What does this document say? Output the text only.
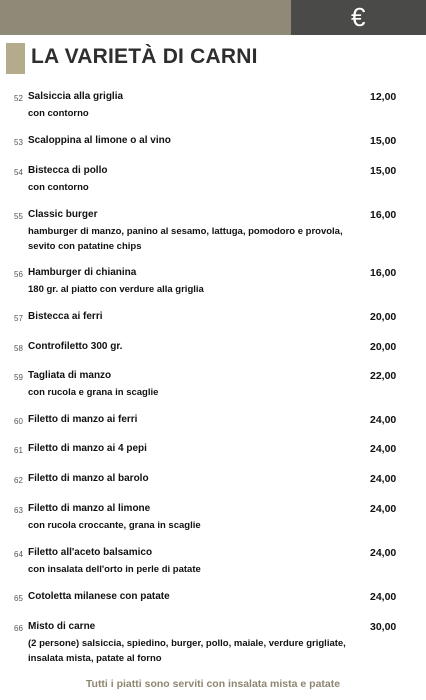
€
LA VARIETÀ DI CARNI
52 Salsiccia alla griglia	12,00
con contorno
53 Scaloppina al limone o al vino	15,00
54 Bistecca di pollo	15,00
con contorno
55 Classic burger	16,00
hamburger di manzo, panino al sesamo, lattuga, pomodoro e provola, sevito con patatine chips
56 Hamburger di chianina	16,00
180 gr. al piatto con verdure alla griglia
57 Bistecca ai ferri	20,00
58 Controfiletto 300 gr.	20,00
59 Tagliata di manzo	22,00
con rucola e grana in scaglie
60 Filetto di manzo ai ferri	24,00
61 Filetto di manzo ai 4 pepi	24,00
62 Filetto di manzo al barolo	24,00
63 Filetto di manzo al limone	24,00
con rucola croccante, grana in scaglie
64 Filetto all'aceto balsamico	24,00
con insalata dell'orto in perle di patate
65 Cotoletta milanese con patate	24,00
66 Misto di carne	30,00
(2 persone) salsiccia, spiedino, burger, pollo, maiale, verdure grigliate, insalata mista, patate al forno
Tutti i piatti sono serviti con insalata mista e patate
